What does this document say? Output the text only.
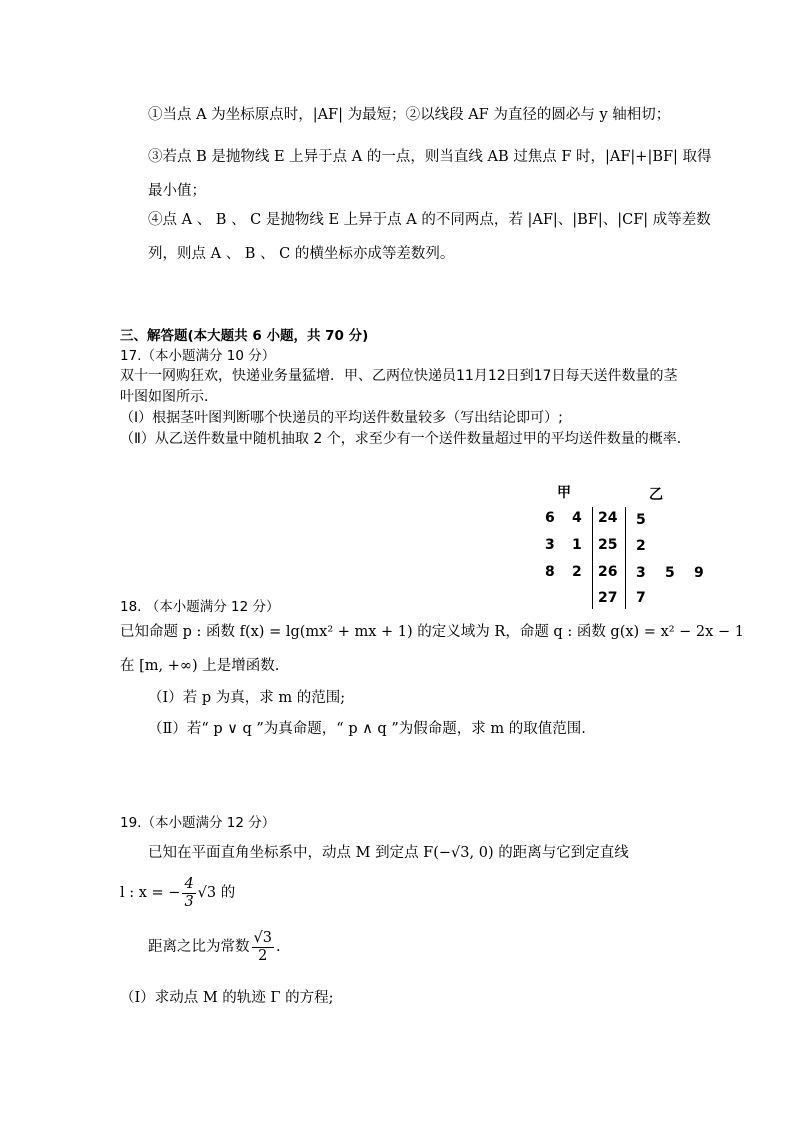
①当点 A 为坐标原点时，|AF| 为最短；②以线段 AF 为直径的圆必与 y 轴相切；
③若点 B 是抛物线 E 上异于点 A 的一点，则当直线 AB 过焦点 F 时，|AF|+|BF| 取得
最小值；
④点 A 、 B 、 C 是抛物线 E 上异于点 A 的不同两点，若 |AF|、|BF|、|CF| 成等差数
列，则点 A 、 B 、 C 的横坐标亦成等差数列。
三、解答题(本大题共 6 小题，共 70 分)
17.（本小题满分 10 分）
双十一网购狂欢，快递业务量猛增．甲、乙两位快递员11月12日到17日每天送件数量的茎
叶图如图所示．
（Ⅰ）根据茎叶图判断哪个快递员的平均送件数量较多（写出结论即可）;
（Ⅱ）从乙送件数量中随机抽取 2 个，求至少有一个送件数量超过甲的平均送件数量的概率．
甲	乙
6 4 24 5
3 1 25 2
8 2 26 3 5 9
27 7
18. （本小题满分 12 分）
已知命题 p : 函数 f(x) = lg(mx² + mx + 1) 的定义域为 R，命题 q : 函数 g(x) = x² − 2x − 1
在 [m, +∞) 上是增函数.
（Ⅰ）若 p 为真，求 m 的范围;
（Ⅱ）若“ p ∨ q ”为真命题，“ p ∧ q ”为假命题，求 m 的取值范围.
19.（本小题满分 12 分）
已知在平面直角坐标系中，动点 M 到定点 F(−√3, 0) 的距离与它到定直线
l : x = − $\frac{4}{3} √3$ 的
距离之比为常数 $\frac{√3}{2}$ .
（Ⅰ）求动点 M 的轨迹 Γ 的方程;
